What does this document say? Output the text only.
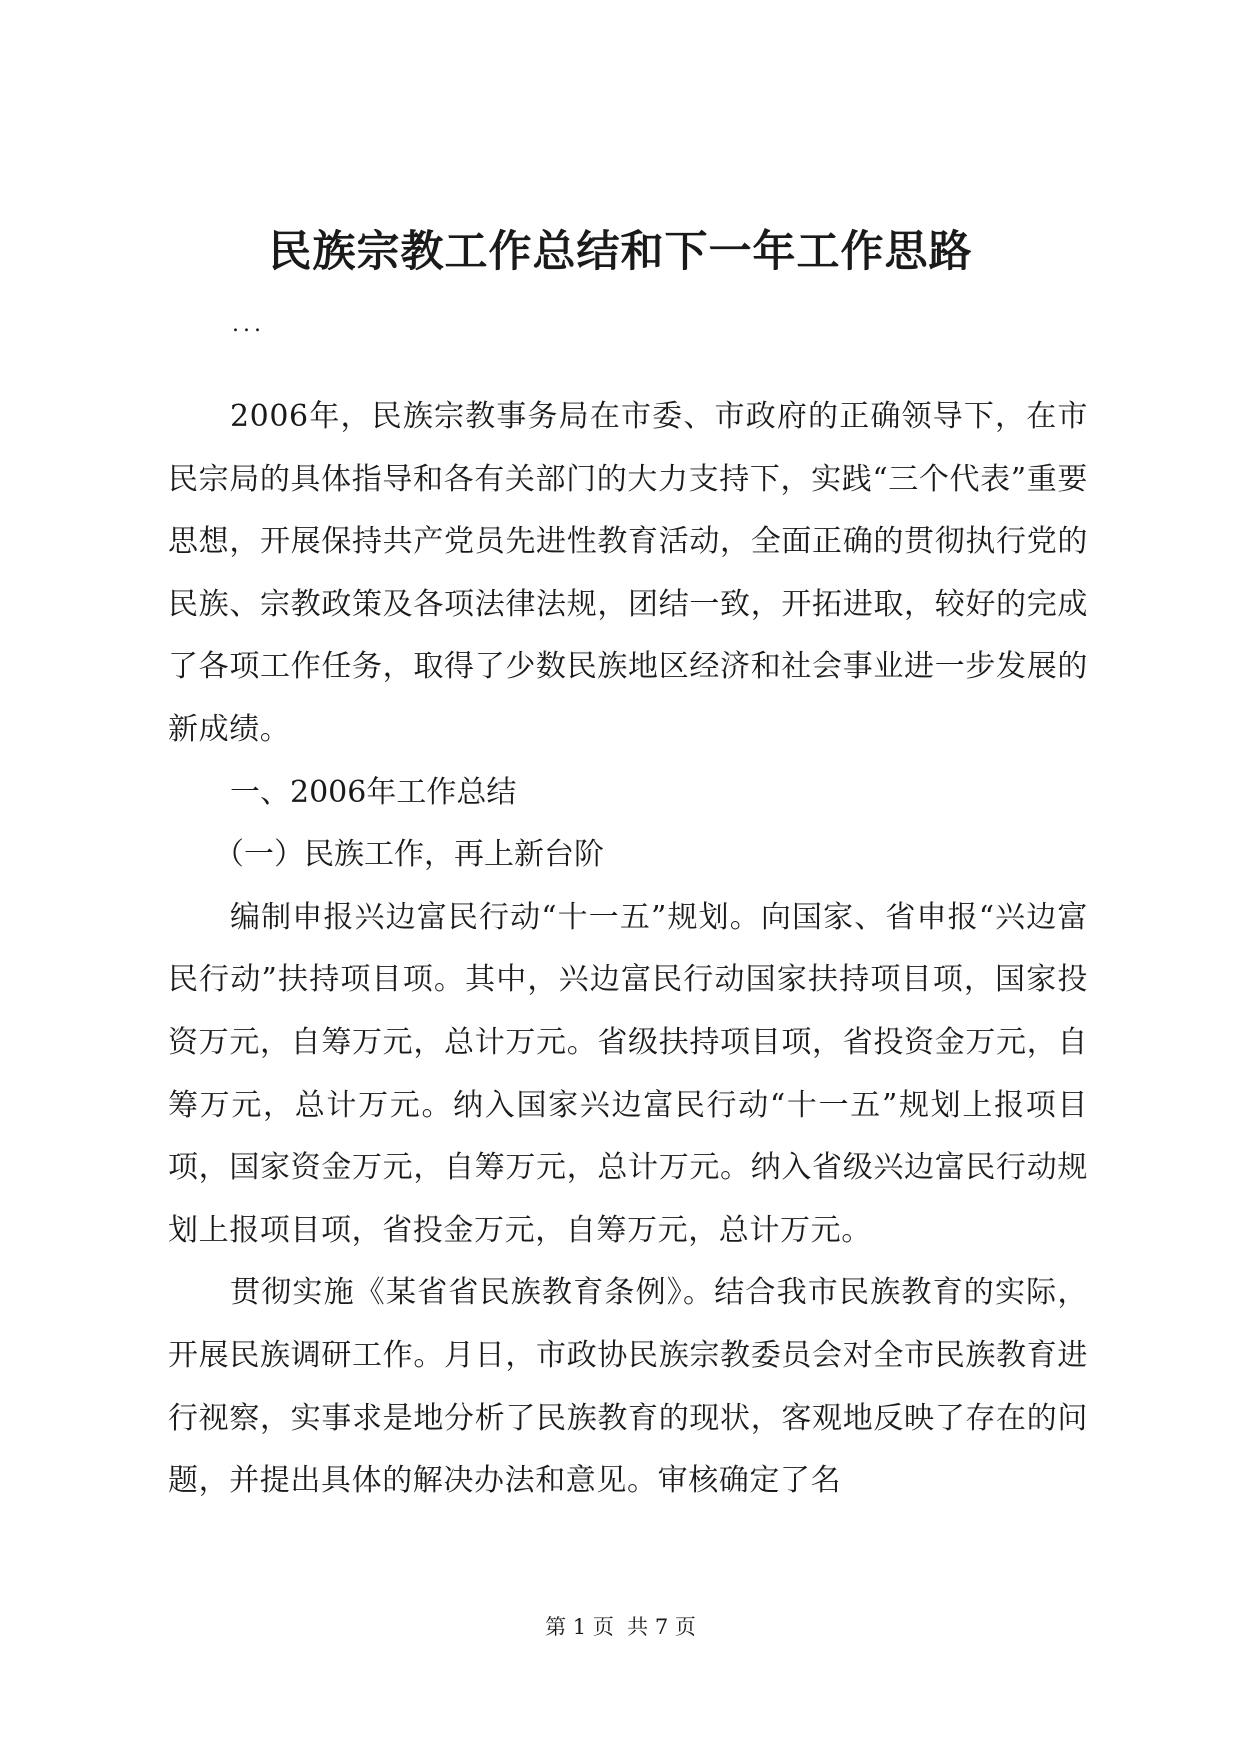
民族宗教工作总结和下一年工作思路
...

2006年，民族宗教事务局在市委、市政府的正确领导下，在市民宗局的具体指导和各有关部门的大力支持下，实践“三个代表”重要思想，开展保持共产党员先进性教育活动，全面正确的贯彻执行党的民族、宗教政策及各项法律法规，团结一致，开拓进取，较好的完成了各项工作任务，取得了少数民族地区经济和社会事业进一步发展的新成绩。

一、2006年工作总结

（一）民族工作，再上新台阶

编制申报兴边富民行动“十一五”规划。向国家、省申报“兴边富民行动”扶持项目项。其中，兴边富民行动国家扶持项目项，国家投资万元，自筹万元，总计万元。省级扶持项目项，省投资金万元，自筹万元，总计万元。纳入国家兴边富民行动“十一五”规划上报项目项，国家资金万元，自筹万元，总计万元。纳入省级兴边富民行动规划上报项目项，省投金万元，自筹万元，总计万元。

贯彻实施《某省省民族教育条例》。结合我市民族教育的实际，开展民族调研工作。月日，市政协民族宗教委员会对全市民族教育进行视察，实事求是地分析了民族教育的现状，客观地反映了存在的问题，并提出具体的解决办法和意见。审核确定了名

第 1 页  共 7 页
